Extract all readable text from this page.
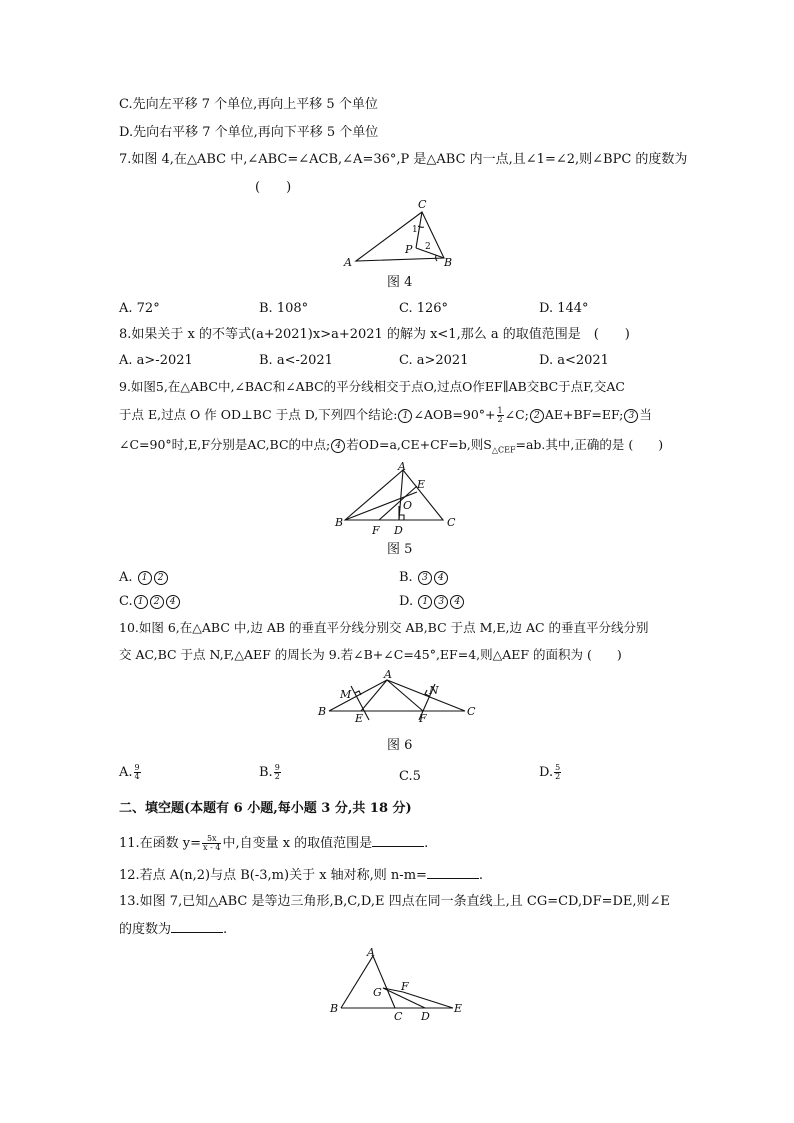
C.先向左平移 7 个单位,再向上平移 5 个单位
D.先向右平移 7 个单位,再向下平移 5 个单位
7.如图 4,在△ABC 中,∠ABC=∠ACB,∠A=36°,P 是△ABC 内一点,且∠1=∠2,则∠BPC 的度数为
(　　)
A	B
C
P
1
2
图 4
A. 72°	B. 108°	C. 126°	D. 144°
8.如果关于 x 的不等式(a+2021)x>a+2021 的解为 x<1,那么 a 的取值范围是　(　　)
A. a>-2021	B. a<-2021	C. a>2021	D. a<2021
9.如图5,在△ABC中,∠BAC和∠ABC的平分线相交于点O,过点O作EF∥AB交BC于点F,交AC
于点 E,过点 O 作 OD⊥BC 于点 D,下列四个结论: 1 ∠AOB=90°+ $\frac{1}{2}$ ∠C; 2 AE+BF=EF; 3 当
∠C=90°时,E,F分别是AC,BC的中点; 4 若OD=a,CE+CF=b,则$S_{\triangle CEF}=ab$.其中,正确的是 (　　)
A
B	C
D
E
F
O
图 5
A. 1 2	B. 3 4
C. 1 2 4	D. 1 3 4
10.如图 6,在△ABC 中,边 AB 的垂直平分线分别交 AB,BC 于点 M,E,边 AC 的垂直平分线分别
交 AC,BC 于点 N,F,△AEF 的周长为 9.若∠B+∠C=45°,EF=4,则△AEF 的面积为 (　　)
A
B	C
E	F
M	N
图 6
A. $\frac{9}{4}$	B. $\frac{9}{2}$	C.5	D. $\frac{5}{2}$
二、填空题(本题有 6 小题,每小题 3 分,共 18 分)
11.在函数 $y= \frac{5x}{x - 4}$ 中,自变量 x 的取值范围是	.
12.若点 A(n,2)与点 B(-3,m)关于 x 轴对称,则 n-m=	.
13.如图 7,已知△ABC 是等边三角形,B,C,D,E 四点在同一条直线上,且 CG=CD,DF=DE,则∠E
的度数为	.
A
B
C D
E
F
G
